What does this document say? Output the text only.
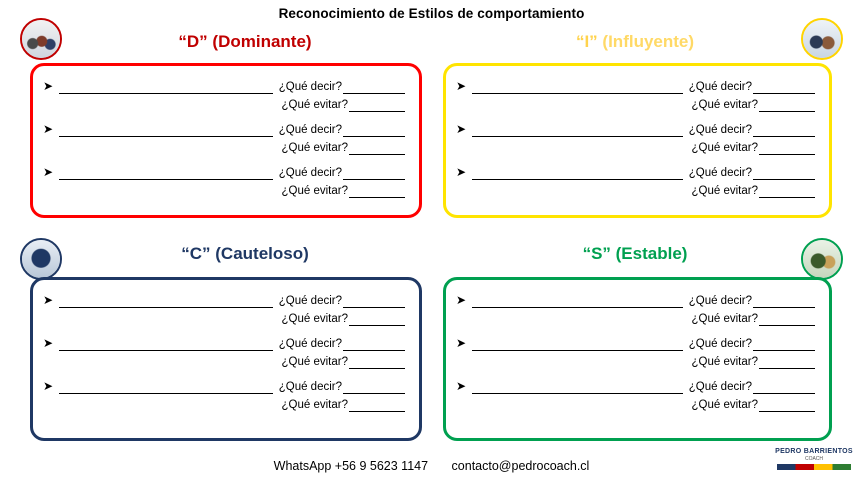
Reconocimiento de Estilos de comportamiento
“D” (Dominante)
➤	¿Qué decir?
¿Qué evitar?
➤	¿Qué decir?
¿Qué evitar?
➤	¿Qué decir?
¿Qué evitar?
“I” (Influyente)
➤	¿Qué decir?
¿Qué evitar?
➤	¿Qué decir?
¿Qué evitar?
➤	¿Qué decir?
¿Qué evitar?
“C” (Cauteloso)
➤	¿Qué decir?
¿Qué evitar?
➤	¿Qué decir?
¿Qué evitar?
➤	¿Qué decir?
¿Qué evitar?
“S” (Estable)
➤	¿Qué decir?
¿Qué evitar?
➤	¿Qué decir?
¿Qué evitar?
➤	¿Qué decir?
¿Qué evitar?
WhatsApp +56 9 5623 1147 contacto@pedrocoach.cl
PEDRO BARRIENTOS
COACH
